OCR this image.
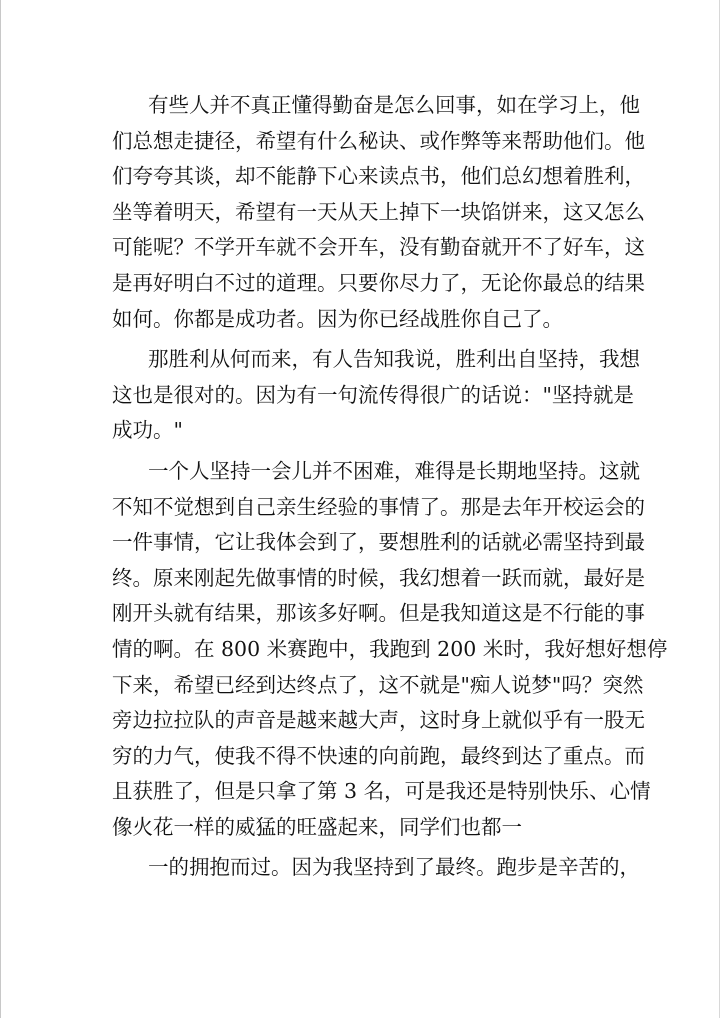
有些人并不真正懂得勤奋是怎么回事，如在学习上，他
们总想走捷径，希望有什么秘诀、或作弊等来帮助他们。他
们夸夸其谈，却不能静下心来读点书，他们总幻想着胜利，
坐等着明天，希望有一天从天上掉下一块馅饼来，这又怎么
可能呢？不学开车就不会开车，没有勤奋就开不了好车，这
是再好明白不过的道理。只要你尽力了，无论你最总的结果
如何。你都是成功者。因为你已经战胜你自己了。
那胜利从何而来，有人告知我说，胜利出自坚持，我想
这也是很对的。因为有一句流传得很广的话说："坚持就是
成功。"
一个人坚持一会儿并不困难，难得是长期地坚持。这就
不知不觉想到自己亲生经验的事情了。那是去年开校运会的
一件事情，它让我体会到了，要想胜利的话就必需坚持到最
终。原来刚起先做事情的时候，我幻想着一跃而就，最好是
刚开头就有结果，那该多好啊。但是我知道这是不行能的事
情的啊。在 800 米赛跑中，我跑到 200 米时，我好想好想停
下来，希望已经到达终点了，这不就是"痴人说梦"吗？突然
旁边拉拉队的声音是越来越大声，这时身上就似乎有一股无
穷的力气，使我不得不快速的向前跑，最终到达了重点。而
且获胜了，但是只拿了第 3 名，可是我还是特别快乐、心情
像火花一样的威猛的旺盛起来，同学们也都一
一的拥抱而过。因为我坚持到了最终。跑步是辛苦的，
